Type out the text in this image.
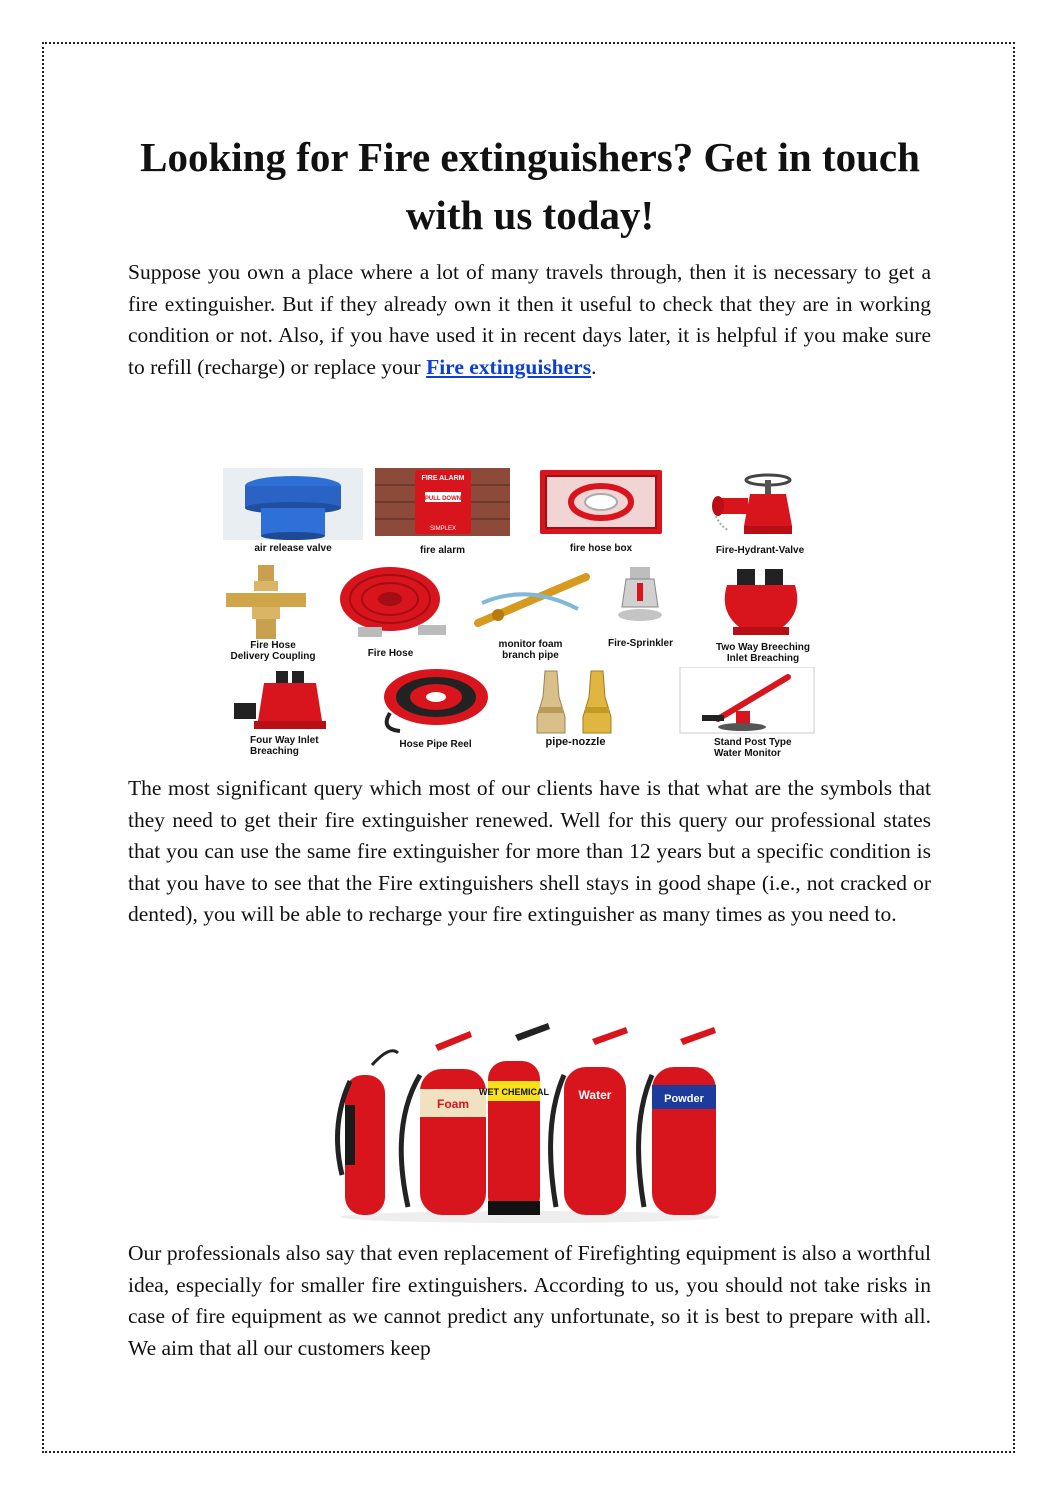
Looking for Fire extinguishers? Get in touch with us today!

Suppose you own a place where a lot of many travels through, then it is necessary to get a fire extinguisher. But if they already own it then it useful to check that they are in working condition or not. Also, if you have used it in recent days later, it is helpful if you make sure to refill (recharge) or replace your Fire extinguishers.

air release valve
FIRE ALARM
PULL DOWN
SIMPLEX
fire alarm	fire hose box	Fire-Hydrant-Valve
Fire Hose
Delivery Coupling	Fire Hose
monitor foam
branch pipe
Fire-Sprinkler	Two Way Breeching
Inlet Breaching
Four Way Inlet
Breaching
Hose Pipe Reel	pipe-nozzle	Stand Post Type
Water Monitor

The most significant query which most of our clients have is that what are the symbols that they need to get their fire extinguisher renewed. Well for this query our professional states that you can use the same fire extinguisher for more than 12 years but a specific condition is that you have to see that the Fire extinguishers shell stays in good shape (i.e., not cracked or dented), you will be able to recharge your fire extinguisher as many times as you need to.

Foam
WET CHEMICAL Water	Powder

Our professionals also say that even replacement of Firefighting equipment is also a worthful idea, especially for smaller fire extinguishers. According to us, you should not take risks in case of fire equipment as we cannot predict any unfortunate, so it is best to prepare with all. We aim that all our customers keep
